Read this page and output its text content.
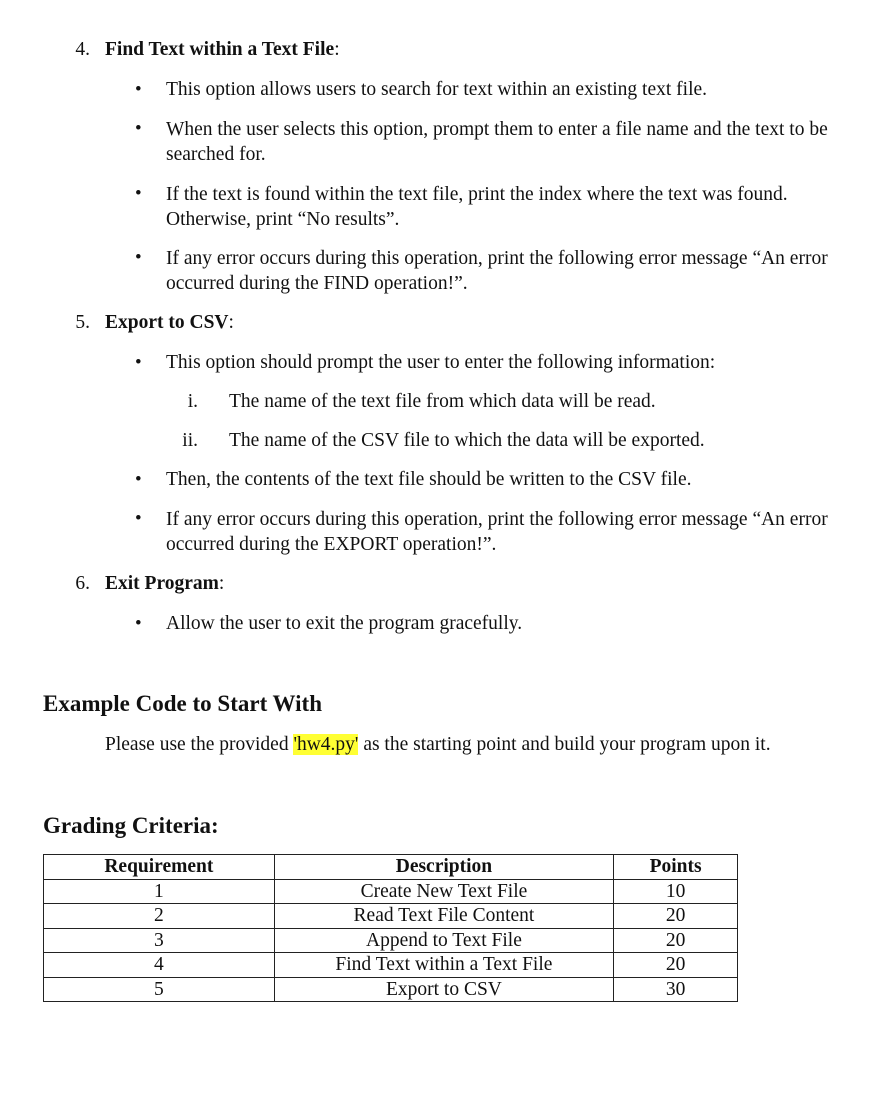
4. Find Text within a Text File:
• This option allows users to search for text within an existing text file.
• When the user selects this option, prompt them to enter a file name and the text to be searched for.
• If the text is found within the text file, print the index where the text was found. Otherwise, print “No results”.
• If any error occurs during this operation, print the following error message “An error occurred during the FIND operation!”.
5. Export to CSV:
• This option should prompt the user to enter the following information:
i. The name of the text file from which data will be read.
ii. The name of the CSV file to which the data will be exported.
• Then, the contents of the text file should be written to the CSV file.
• If any error occurs during this operation, print the following error message “An error occurred during the EXPORT operation!”.
6. Exit Program:
• Allow the user to exit the program gracefully.
Example Code to Start With
Please use the provided 'hw4.py' as the starting point and build your program upon it.
Grading Criteria:
Requirement	Description	Points
1	Create New Text File	10
2	Read Text File Content	20
3	Append to Text File	20
4	Find Text within a Text File	20
5	Export to CSV	30
